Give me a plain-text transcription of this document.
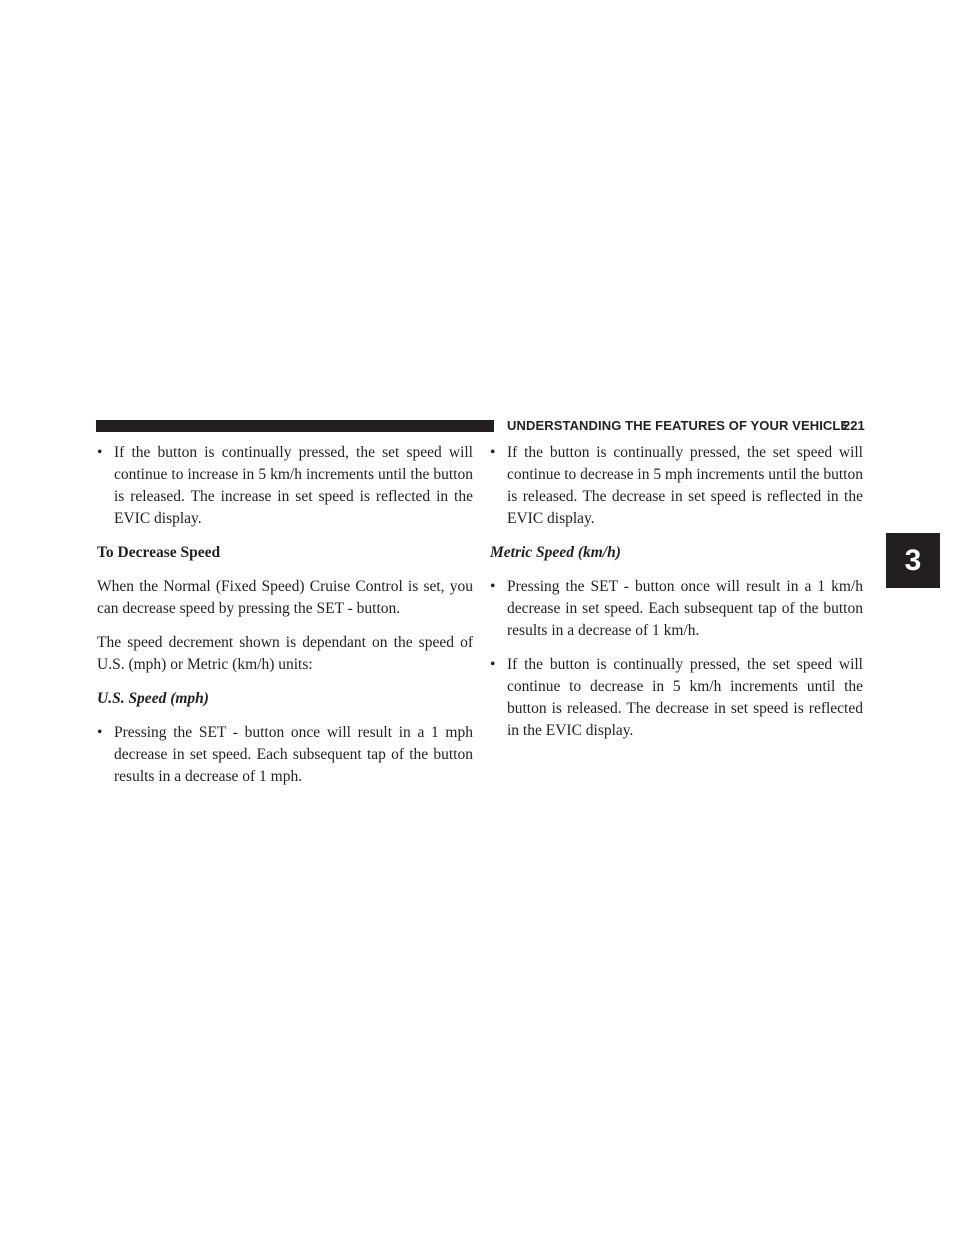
UNDERSTANDING THE FEATURES OF YOUR VEHICLE
221
3
• If the button is continually pressed, the set speed will continue to increase in 5 km/h increments until the button is released. The increase in set speed is reflected in the EVIC display.
To Decrease Speed

When the Normal (Fixed Speed) Cruise Control is set, you can decrease speed by pressing the SET - button.

The speed decrement shown is dependant on the speed of U.S. (mph) or Metric (km/h) units:

U.S. Speed (mph)
• Pressing the SET - button once will result in a 1 mph decrease in set speed. Each subsequent tap of the button results in a decrease of 1 mph.
• If the button is continually pressed, the set speed will continue to decrease in 5 mph increments until the button is released. The decrease in set speed is reflected in the EVIC display.
Metric Speed (km/h)
• Pressing the SET - button once will result in a 1 km/h decrease in set speed. Each subsequent tap of the button results in a decrease of 1 km/h.
• If the button is continually pressed, the set speed will continue to decrease in 5 km/h increments until the button is released. The decrease in set speed is reflected in the EVIC display.
